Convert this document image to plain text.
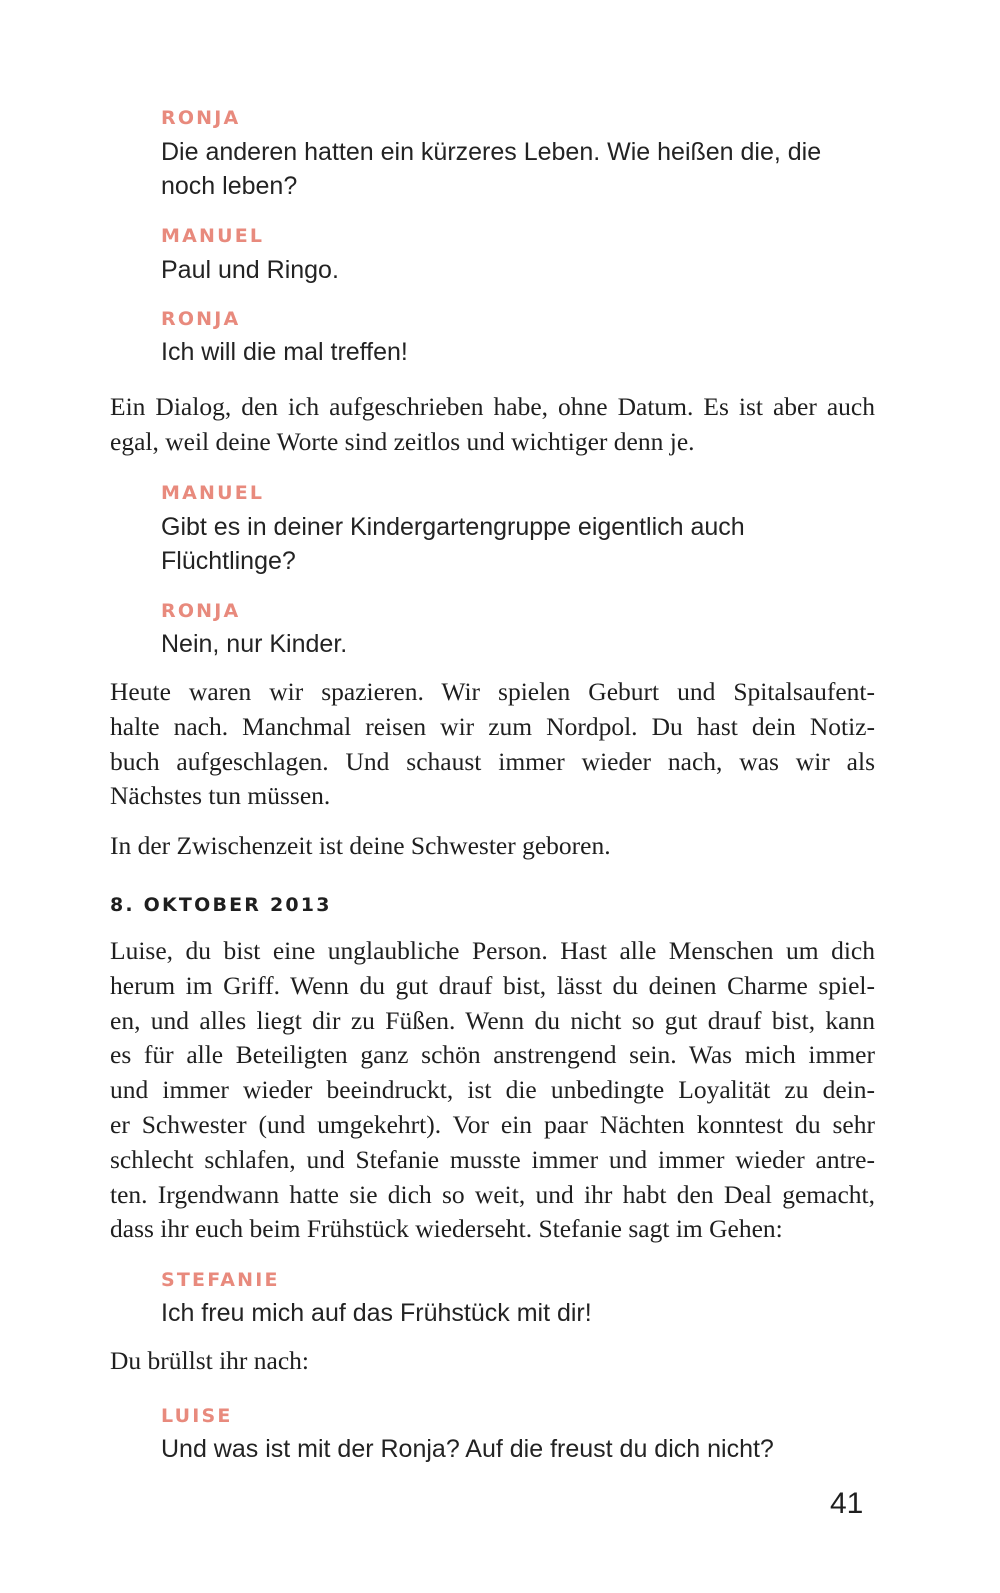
RONJA
Die anderen hatten ein kürzeres Leben. Wie heißen die, die
noch leben?
MANUEL
Paul und Ringo.
RONJA
Ich will die mal treffen!
Ein Dialog, den ich aufgeschrieben habe, ohne Datum. Es ist aber auch
egal, weil deine Worte sind zeitlos und wichtiger denn je.
MANUEL
Gibt es in deiner Kindergartengruppe eigentlich auch
Flüchtlinge?
RONJA
Nein, nur Kinder.
Heute waren wir spazieren. Wir spielen Geburt und Spitalsaufent-
halte nach. Manchmal reisen wir zum Nordpol. Du hast dein Notiz-
buch aufgeschlagen. Und schaust immer wieder nach, was wir als
Nächstes tun müssen.
In der Zwischenzeit ist deine Schwester geboren.
8. OKTOBER 2013
Luise, du bist eine unglaubliche Person. Hast alle Menschen um dich
herum im Griff. Wenn du gut drauf bist, lässt du deinen Charme spiel-
en, und alles liegt dir zu Füßen. Wenn du nicht so gut drauf bist, kann
es für alle Beteiligten ganz schön anstrengend sein. Was mich immer
und immer wieder beeindruckt, ist die unbedingte Loyalität zu dein-
er Schwester (und umgekehrt). Vor ein paar Nächten konntest du sehr
schlecht schlafen, und Stefanie musste immer und immer wieder antre-
ten. Irgendwann hatte sie dich so weit, und ihr habt den Deal gemacht,
dass ihr euch beim Frühstück wiederseht. Stefanie sagt im Gehen:
STEFANIE
Ich freu mich auf das Frühstück mit dir!
Du brüllst ihr nach:
LUISE
Und was ist mit der Ronja? Auf die freust du dich nicht?
41
